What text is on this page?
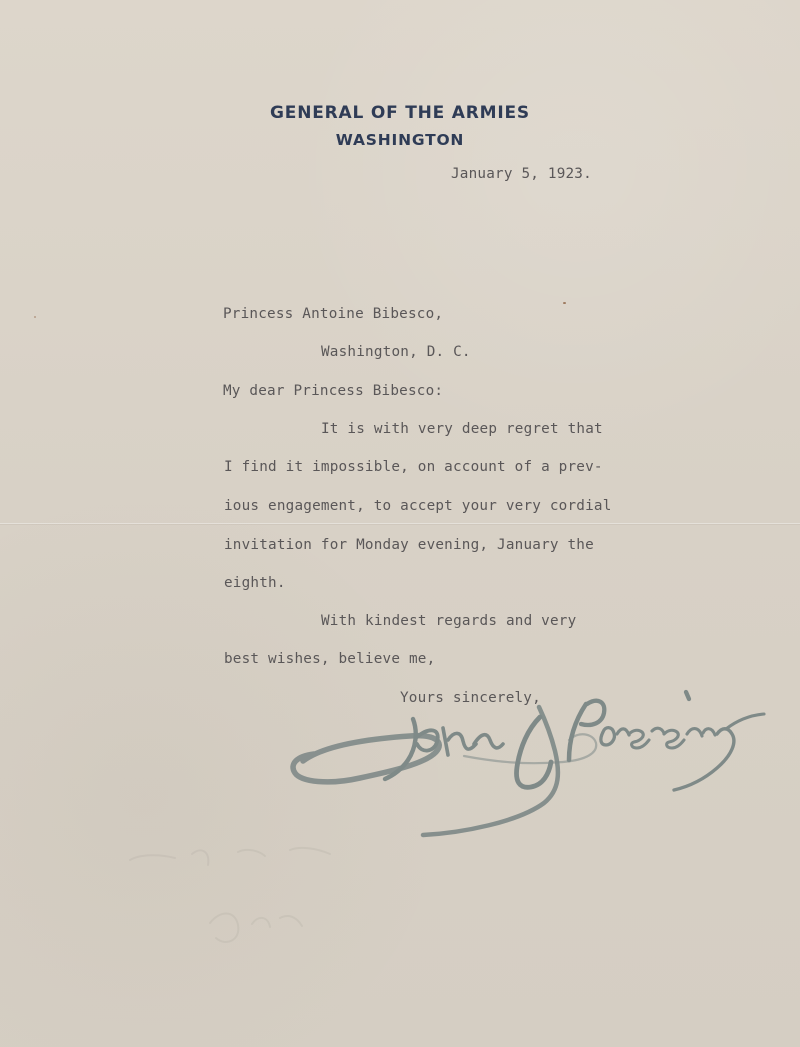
GENERAL OF THE ARMIES
WASHINGTON
January 5, 1923.
Princess Antoine Bibesco,
Washington, D. C.
My dear Princess Bibesco:
It is with very deep regret that
I find it impossible, on account of a prev-
ious engagement, to accept your very cordial
invitation for Monday evening, January the
eighth.
With kindest regards and very
best wishes, believe me,
Yours sincerely,
